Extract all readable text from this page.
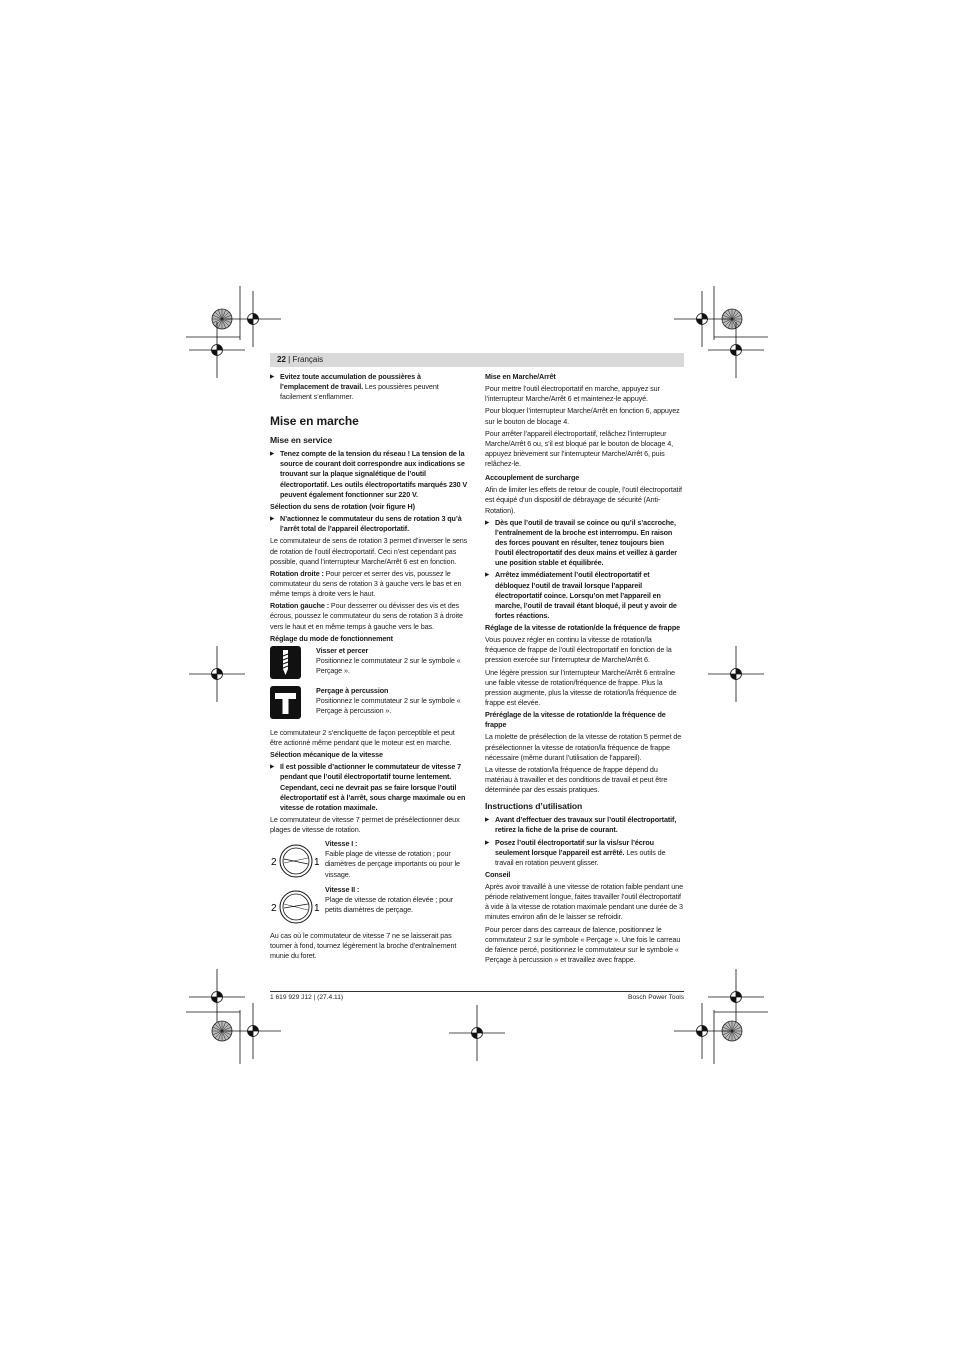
22 | Français
▶ Evitez toute accumulation de poussières à l’emplacement de travail. Les poussières peuvent facilement s’enflammer.
Mise en marche
Mise en service
▶ Tenez compte de la tension du réseau ! La tension de la source de courant doit correspondre aux indications se trouvant sur la plaque signalétique de l’outil électroportatif. Les outils électroportatifs marqués 230 V peuvent également fonctionner sur 220 V.
Sélection du sens de rotation (voir figure H)
▶ N’actionnez le commutateur du sens de rotation 3 qu’à l’arrêt total de l’appareil électroportatif.

Le commutateur de sens de rotation 3 permet d’inverser le sens de rotation de l’outil électroportatif. Ceci n’est cependant pas possible, quand l’interrupteur Marche/Arrêt 6 est en fonction.

Rotation droite : Pour percer et serrer des vis, poussez le commutateur du sens de rotation 3 à gauche vers le bas et en même temps à droite vers le haut.

Rotation gauche : Pour desserrer ou dévisser des vis et des écrous, poussez le commutateur du sens de rotation 3 à droite vers le haut et en même temps à gauche vers le bas.

Réglage du mode de fonctionnement
Visser et percer
Positionnez le commutateur 2 sur le symbole « Perçage ».
Perçage à percussion
Positionnez le commutateur 2 sur le symbole « Perçage à percussion ».

Le commutateur 2 s’encliquette de façon perceptible et peut être actionné même pendant que le moteur est en marche.

Sélection mécanique de la vitesse
▶ Il est possible d’actionner le commutateur de vitesse 7 pendant que l’outil électroportatif tourne lentement. Cependant, ceci ne devrait pas se faire lorsque l’outil électroportatif est à l’arrêt, sous charge maximale ou en vitesse de rotation maximale.

Le commutateur de vitesse 7 permet de présélectionner deux plages de vitesse de rotation.

2	1
Vitesse I :
Faible plage de vitesse de rotation ; pour diamètres de perçage importants ou pour le vissage.
2	1
Vitesse II :
Plage de vitesse de rotation élevée ; pour petits diamètres de perçage.

Au cas où le commutateur de vitesse 7 ne se laisserait pas tourner à fond, tournez légèrement la broche d’entraînement munie du foret.

Mise en Marche/Arrêt

Pour mettre l’outil électroportatif en marche, appuyez sur l’interrupteur Marche/Arrêt 6 et maintenez-le appuyé.

Pour bloquer l’interrupteur Marche/Arrêt en fonction 6, appuyez sur le bouton de blocage 4.

Pour arrêter l’appareil électroportatif, relâchez l’interrupteur Marche/Arrêt 6 ou, s’il est bloqué par le bouton de blocage 4, appuyez brièvement sur l’interrupteur Marche/Arrêt 6, puis relâchez-le.

Accouplement de surcharge

Afin de limiter les effets de retour de couple, l’outil électroportatif est équipé d’un dispositif de débrayage de sécurité (Anti-Rotation).

▶ Dès que l’outil de travail se coince ou qu’il s’accroche, l’entraînement de la broche est interrompu. En raison des forces pouvant en résulter, tenez toujours bien l’outil électroportatif des deux mains et veillez à garder une position stable et équilibrée.
▶ Arrêtez immédiatement l’outil électroportatif et débloquez l’outil de travail lorsque l’appareil électroportatif coince. Lorsqu’on met l’appareil en marche, l’outil de travail étant bloqué, il peut y avoir de fortes réactions.
Réglage de la vitesse de rotation/de la fréquence de frappe

Vous pouvez régler en continu la vitesse de rotation/la fréquence de frappe de l’outil électroportatif en fonction de la pression exercée sur l’interrupteur de Marche/Arrêt 6.

Une légère pression sur l’interrupteur Marche/Arrêt 6 entraîne une faible vitesse de rotation/fréquence de frappe. Plus la pression augmente, plus la vitesse de rotation/la fréquence de frappe est élevée.

Préréglage de la vitesse de rotation/de la fréquence de frappe

La molette de présélection de la vitesse de rotation 5 permet de présélectionner la vitesse de rotation/la fréquence de frappe nécessaire (même durant l’utilisation de l’appareil).

La vitesse de rotation/la fréquence de frappe dépend du matériau à travailler et des conditions de travail et peut être déterminée par des essais pratiques.

Instructions d’utilisation
▶ Avant d’effectuer des travaux sur l’outil électroportatif, retirez la fiche de la prise de courant.
▶ Posez l’outil électroportatif sur la vis/sur l’écrou seulement lorsque l’appareil est arrêté. Les outils de travail en rotation peuvent glisser.
Conseil

Après avoir travaillé à une vitesse de rotation faible pendant une période relativement longue, faites travailler l’outil électroportatif à vide à la vitesse de rotation maximale pendant une durée de 3 minutes environ afin de le laisser se refroidir.

Pour percer dans des carreaux de faïence, positionnez le commutateur 2 sur le symbole « Perçage ». Une fois le carreau de faïence percé, positionnez le commutateur sur le symbole « Perçage à percussion » et travaillez avec frappe.

1 619 929 J12 | (27.4.11)	Bosch Power Tools
